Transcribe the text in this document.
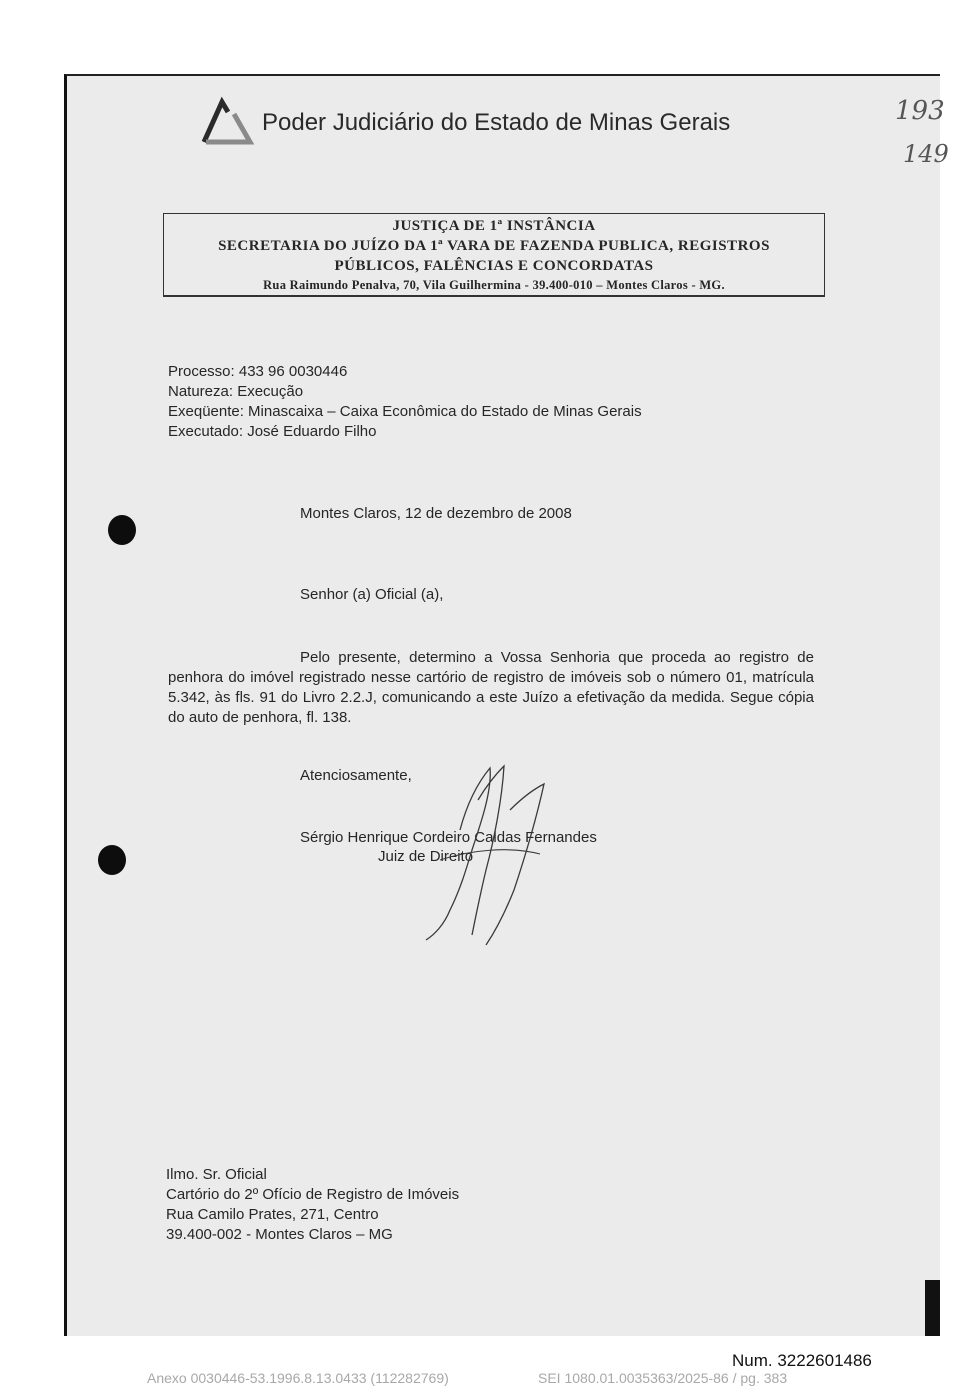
Poder Judiciário do Estado de Minas Gerais	193
149
JUSTIÇA DE 1ª INSTÂNCIA
SECRETARIA DO JUÍZO DA 1ª VARA DE FAZENDA PUBLICA, REGISTROS
PÚBLICOS, FALÊNCIAS E CONCORDATAS
Rua Raimundo Penalva, 70, Vila Guilhermina - 39.400-010 – Montes Claros - MG.
Processo: 433 96 0030446
Natureza: Execução
Exeqüente: Minascaixa – Caixa Econômica do Estado de Minas Gerais
Executado: José Eduardo Filho
Montes Claros, 12 de dezembro de 2008
Senhor (a) Oficial (a),

Pelo presente, determino a Vossa Senhoria que proceda ao registro de penhora do imóvel registrado nesse cartório de registro de imóveis sob o número 01, matrícula 5.342, às fls. 91 do Livro 2.2.J, comunicando a este Juízo a efetivação da medida. Segue cópia do auto de penhora, fl. 138.

Atenciosamente,
Sérgio Henrique Cordeiro Caldas Fernandes
Juiz de Direito
Ilmo. Sr. Oficial
Cartório do 2º Ofício de Registro de Imóveis
Rua Camilo Prates, 271, Centro
39.400-002 - Montes Claros – MG
Num. 3222601486
Anexo 0030446-53.1996.8.13.0433 (112282769)	SEI 1080.01.0035363/2025-86 / pg. 383
